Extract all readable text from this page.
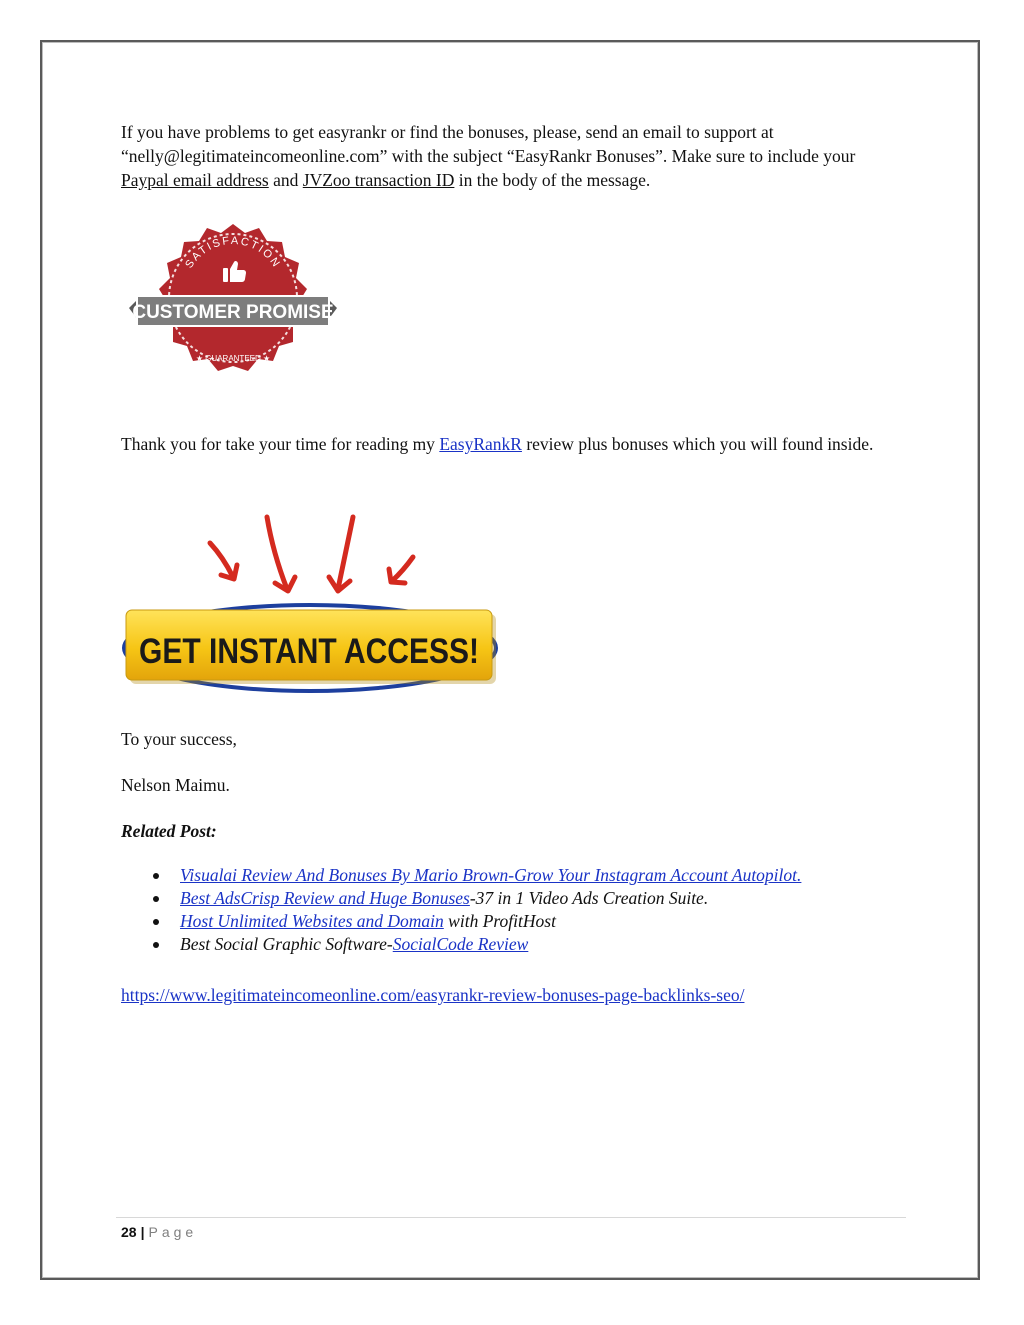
If you have problems to get easyrankr or find the bonuses, please, send an email to support at “nelly@legitimateincomeonline.com” with the subject “EasyRankr Bonuses”. Make sure to include your Paypal email address and JVZoo transaction ID in the body of the message.

SATISFACTION
CUSTOMER PROMISE
★ GUARANTEED ★

Thank you for take your time for reading my EasyRankR review plus bonuses which you will found inside.

GET INSTANT ACCESS!

To your success,

Nelson Maimu.

Related Post:

Visualai Review And Bonuses By Mario Brown-Grow Your Instagram Account Autopilot.
Best AdsCrisp Review and Huge Bonuses-37 in 1 Video Ads Creation Suite.
Host Unlimited Websites and Domain with ProfitHost
Best Social Graphic Software-SocialCode Review

https://www.legitimateincomeonline.com/easyrankr-review-bonuses-page-backlinks-seo/

28 | Page
